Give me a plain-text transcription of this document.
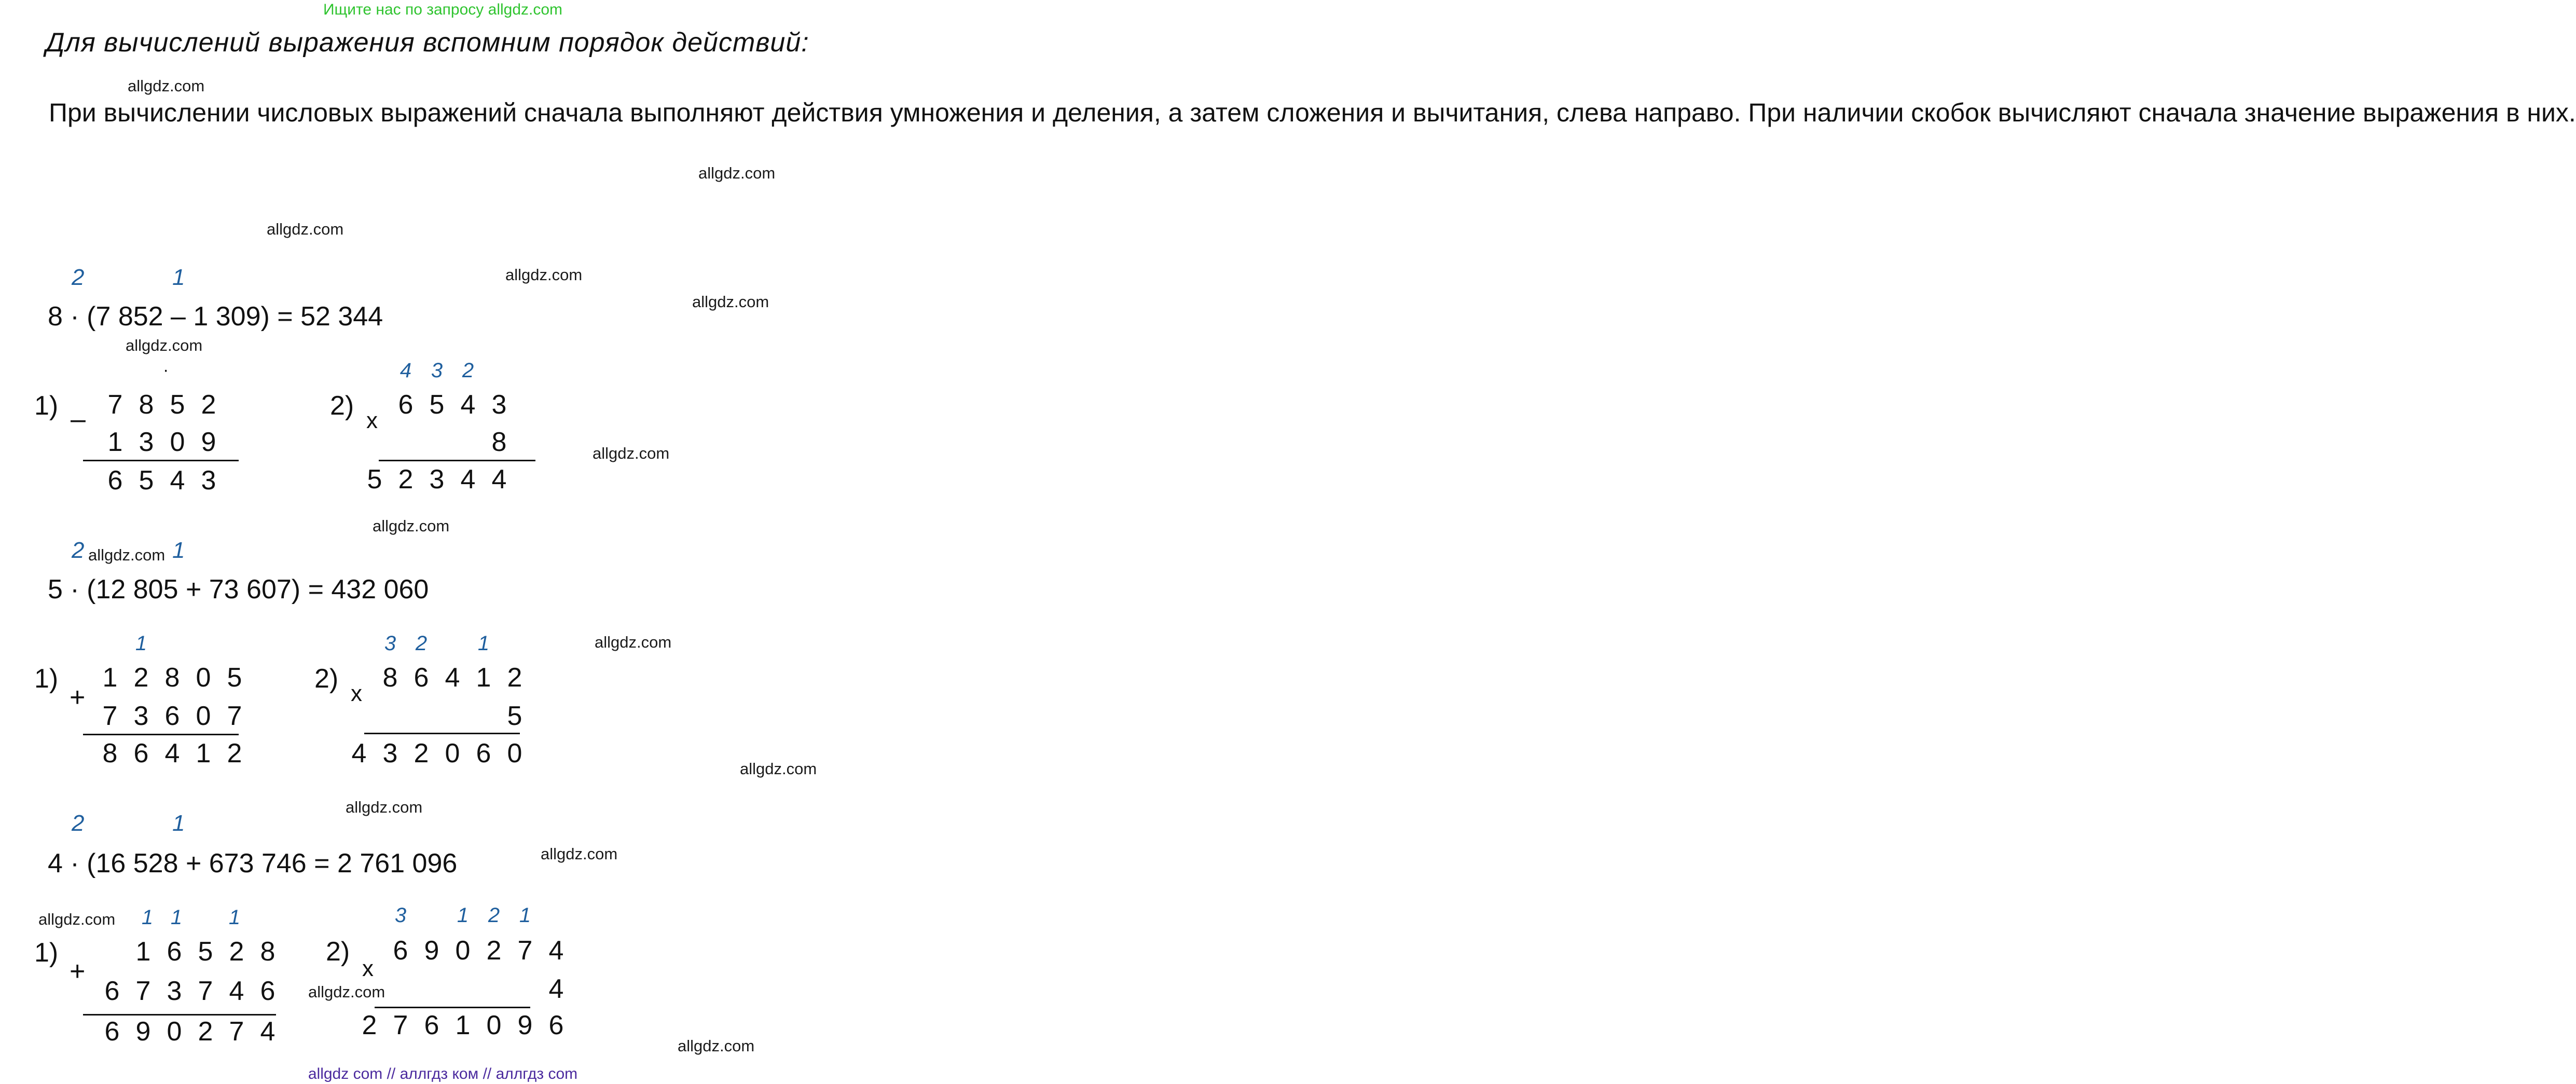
Ищите нас по запросу allgdz.com
Для вычислений выражения вспомним порядок действий:

При вычислении числовых выражений сначала выполняют действия умножения и деления, а затем сложения и вычитания, слева направо. При наличии скобок вычисляют сначала значение выражения в них.

allgdz.com
allgdz.com
allgdz.com
allgdz.com
allgdz.com
allgdz.com
allgdz.com
allgdz.com
allgdz.com
allgdz.com
allgdz.com
allgdz.com
allgdz.com
allgdz.com
allgdz.com
allgdz.com
2	1
8 · (7 852 – 1 309) = 52 344
1) –
·
7 8 5 2
1 3 0 9
6 5 4 3
2) x
4 3 2
6 5 4 3
8
5 2 3 4 4
2	1
5 · (12 805 + 73 607) = 432 060
1)
+
1
1 2 8 0 5
7 3 6 0 7
8 6 4 1 2
2) x
3 2	1
8 6 4 1 2
5
4 3 2 0 6 0
2	1
4 · (16 528 + 673 746 = 2 761 096
1)
+
1 1	1
1 6 5 2 8
6 7 3 7 4 6
6 9 0 2 7 4
2)
x
3	1 2 1
6 9 0 2 7 4
4
2 7 6 1 0 9 6
allgdz com // аллгдз ком // аллгдз com
